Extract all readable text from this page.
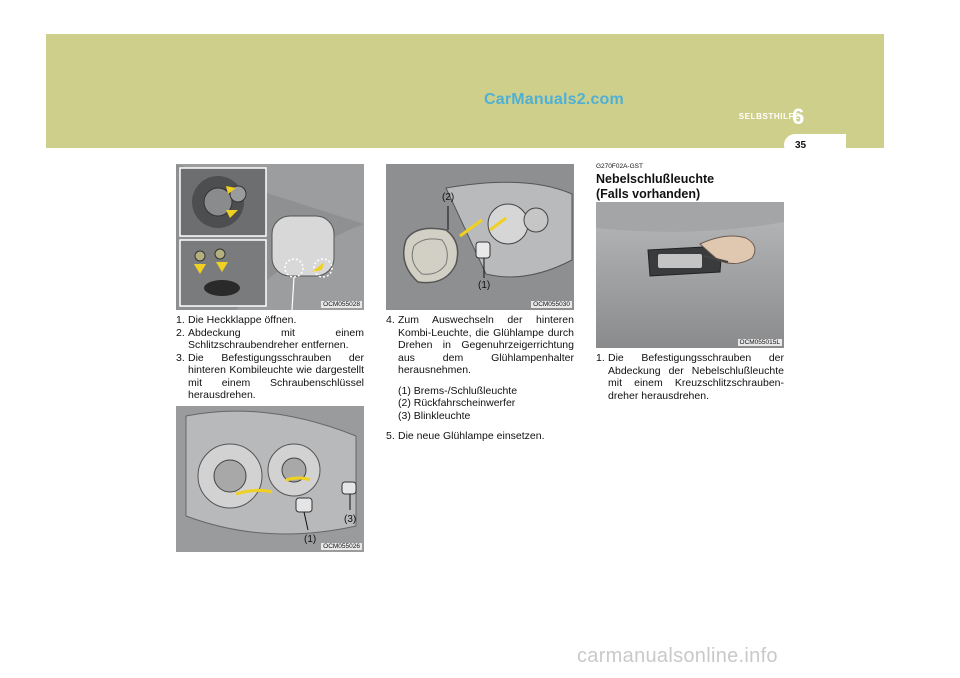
CarManuals2.com
SELBSTHILFE
6
35
OCM055028
(1)
(3)
OCM055026
(2)
(1)
OCM055030
OCM055015L
1. Die Heckklappe öffnen.
2. Abdeckung mit einem Schlitzschraubendreher entfernen.
3. Die Befestigungsschrauben der hinteren Kombileuchte wie dargestellt mit einem Schraubenschlüssel herausdrehen.
4. Zum Auswechseln der hinteren Kombi-Leuchte, die Glühlampe durch Drehen in Gegenuhrzeigerrichtung aus dem Glühlampenhalter herausnehmen.
(1) Brems-/Schlußleuchte
(2) Rückfahrscheinwerfer
(3) Blinkleuchte
5. Die neue Glühlampe einsetzen.
G270F02A-GST
Nebelschlußleuchte
(Falls vorhanden)
1. Die Befestigungsschrauben der Abdeckung der Nebelschlußleuchte mit einem Kreuzschlitzschrauben-dreher herausdrehen.
carmanualsonline.info
